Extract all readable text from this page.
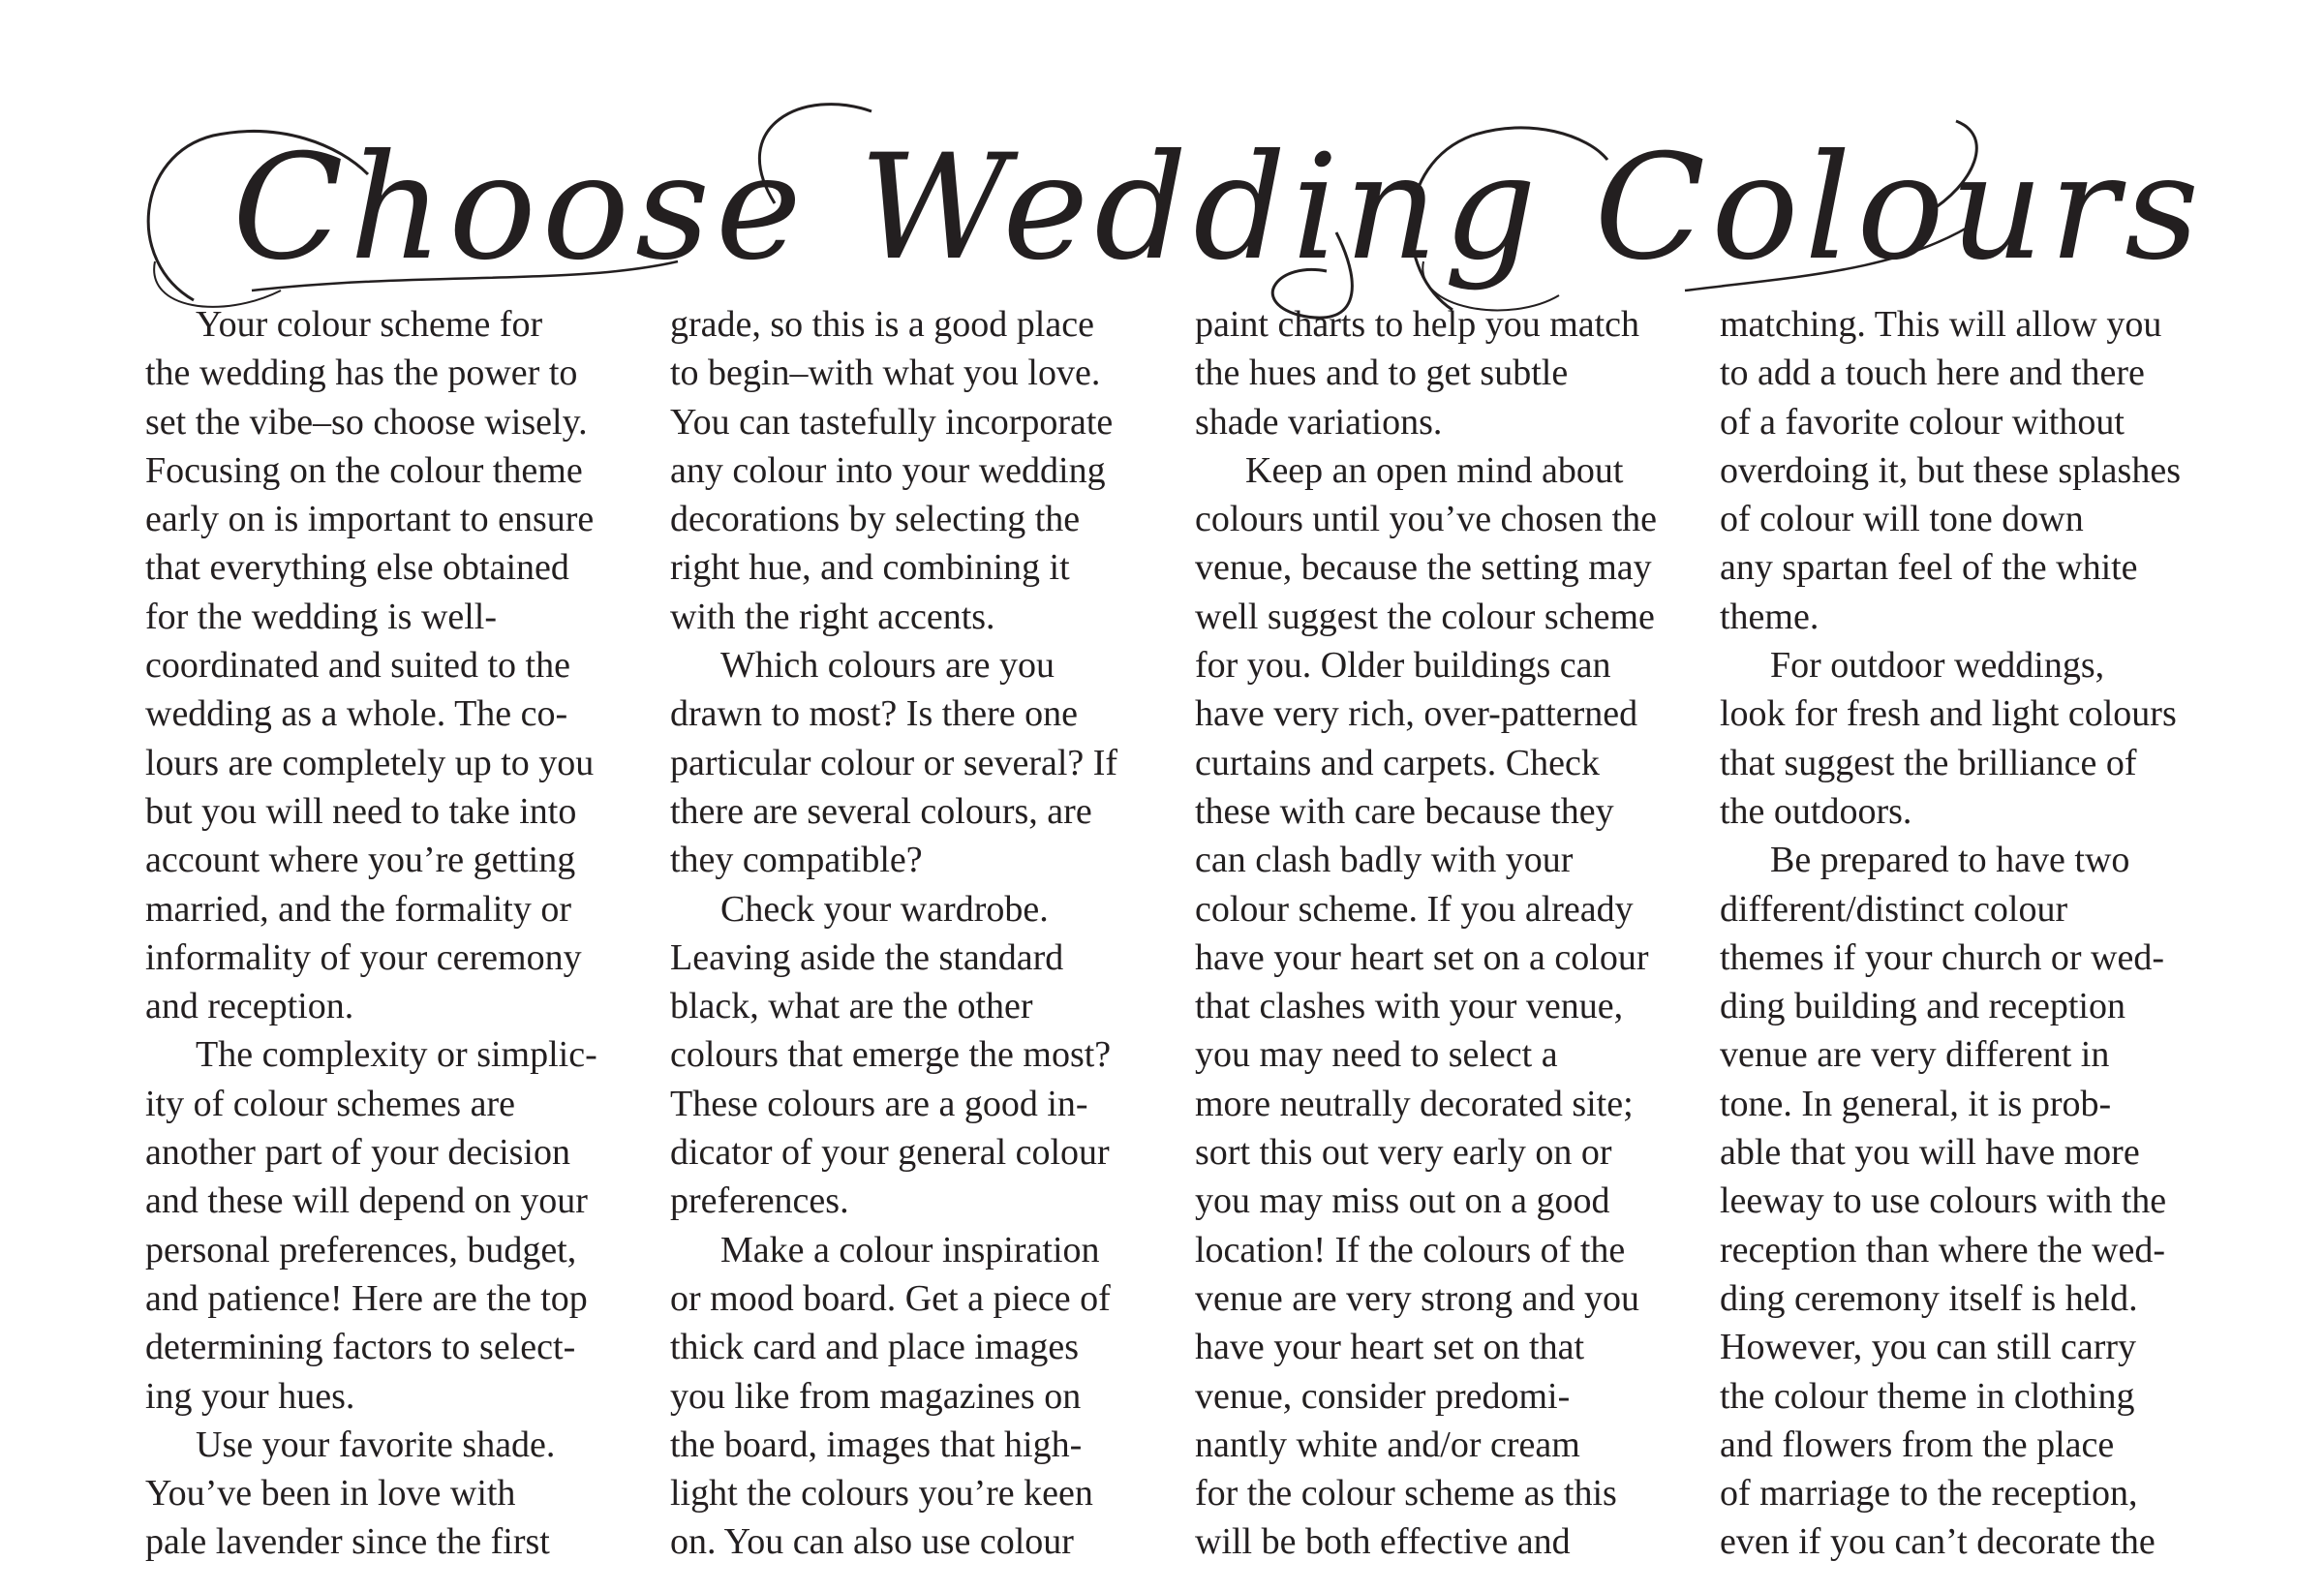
Choose Wedding Colours

Your colour scheme for
the wedding has the power to
set the vibe–so choose wisely.
Focusing on the colour theme
early on is important to ensure
that everything else obtained
for the wedding is well-
coordinated and suited to the
wedding as a whole. The co-
lours are completely up to you
but you will need to take into
account where you’re getting
married, and the formality or
informality of your ceremony
and reception.

The complexity or simplic-
ity of colour schemes are
another part of your decision
and these will depend on your
personal preferences, budget,
and patience! Here are the top
determining factors to select-
ing your hues.

Use your favorite shade.
You’ve been in love with
pale lavender since the first

grade, so this is a good place
to begin–with what you love.
You can tastefully incorporate
any colour into your wedding
decorations by selecting the
right hue, and combining it
with the right accents.

Which colours are you
drawn to most? Is there one
particular colour or several? If
there are several colours, are
they compatible?

Check your wardrobe.
Leaving aside the standard
black, what are the other
colours that emerge the most?
These colours are a good in-
dicator of your general colour
preferences.

Make a colour inspiration
or mood board. Get a piece of
thick card and place images
you like from magazines on
the board, images that high-
light the colours you’re keen
on. You can also use colour

paint charts to help you match
the hues and to get subtle
shade variations.

Keep an open mind about
colours until you’ve chosen the
venue, because the setting may
well suggest the colour scheme
for you. Older buildings can
have very rich, over-patterned
curtains and carpets. Check
these with care because they
can clash badly with your
colour scheme. If you already
have your heart set on a colour
that clashes with your venue,
you may need to select a
more neutrally decorated site;
sort this out very early on or
you may miss out on a good
location! If the colours of the
venue are very strong and you
have your heart set on that
venue, consider predomi-
nantly white and/or cream
for the colour scheme as this
will be both effective and

matching. This will allow you
to add a touch here and there
of a favorite colour without
overdoing it, but these splashes
of colour will tone down
any spartan feel of the white
theme.

For outdoor weddings,
look for fresh and light colours
that suggest the brilliance of
the outdoors.

Be prepared to have two
different/distinct colour
themes if your church or wed-
ding building and reception
venue are very different in
tone. In general, it is prob-
able that you will have more
leeway to use colours with the
reception than where the wed-
ding ceremony itself is held.
However, you can still carry
the colour theme in clothing
and flowers from the place
of marriage to the reception,
even if you can’t decorate the
